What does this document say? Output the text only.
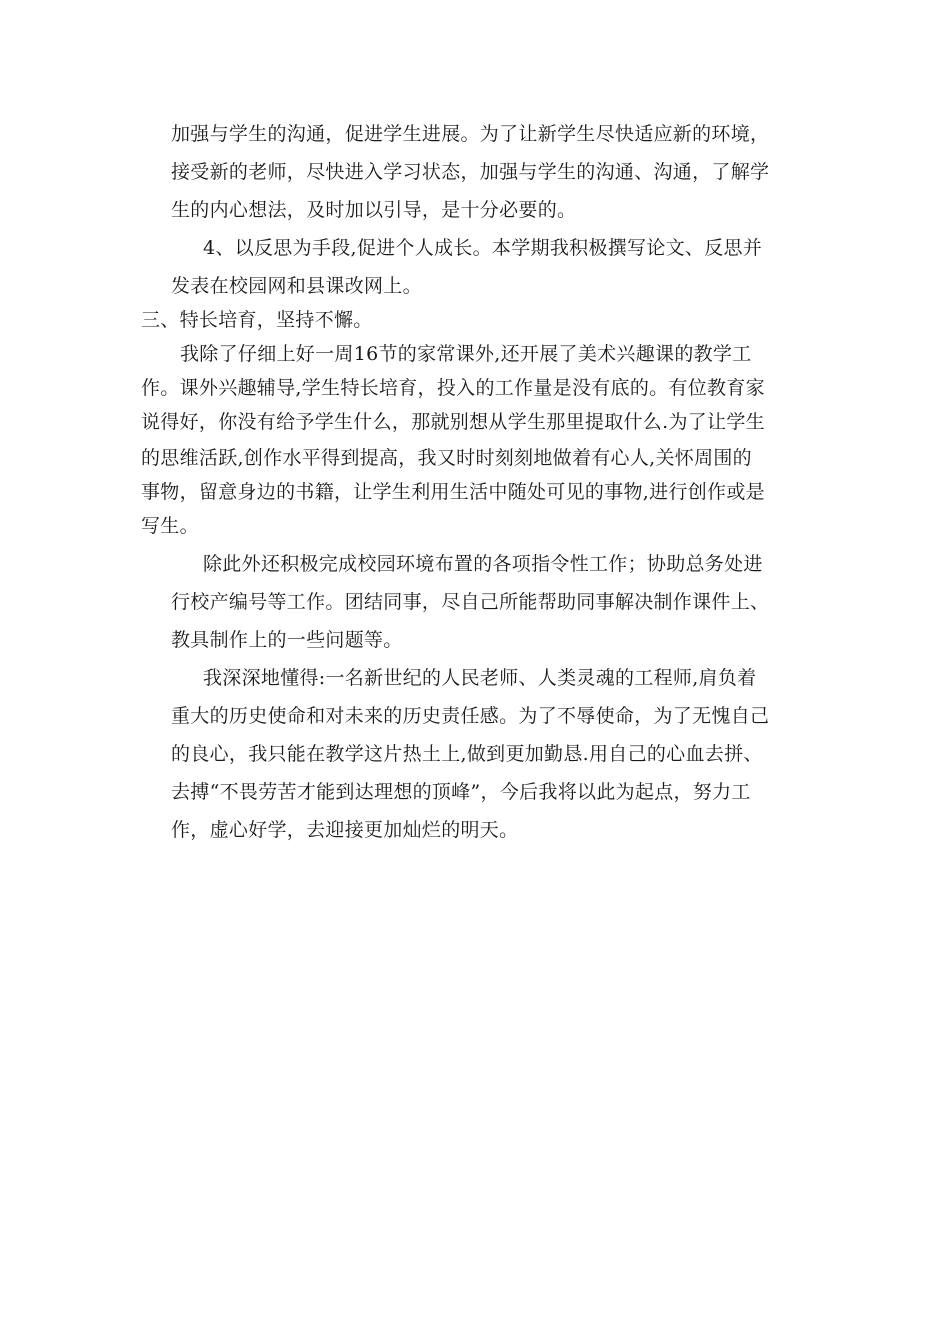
加强与学生的沟通，促进学生进展。为了让新学生尽快适应新的环境，
接受新的老师，尽快进入学习状态，加强与学生的沟通、沟通，了解学
生的内心想法，及时加以引导，是十分必要的。
4、以反思为手段,促进个人成长。本学期我积极撰写论文、反思并
发表在校园网和县课改网上。
三、特长培育，坚持不懈。
我除了仔细上好一周16节的家常课外,还开展了美术兴趣课的教学工
作。课外兴趣辅导,学生特长培育，投入的工作量是没有底的。有位教育家
说得好，你没有给予学生什么，那就别想从学生那里提取什么.为了让学生
的思维活跃,创作水平得到提高，我又时时刻刻地做着有心人,关怀周围的
事物，留意身边的书籍，让学生利用生活中随处可见的事物,进行创作或是
写生。
除此外还积极完成校园环境布置的各项指令性工作；协助总务处进
行校产编号等工作。团结同事，尽自己所能帮助同事解决制作课件上、
教具制作上的一些问题等。
我深深地懂得:一名新世纪的人民老师、人类灵魂的工程师,肩负着
重大的历史使命和对未来的历史责任感。为了不辱使命，为了无愧自己
的良心，我只能在教学这片热土上,做到更加勤恳.用自己的心血去拼、
去搏“不畏劳苦才能到达理想的顶峰”，今后我将以此为起点，努力工
作，虚心好学，去迎接更加灿烂的明天。
